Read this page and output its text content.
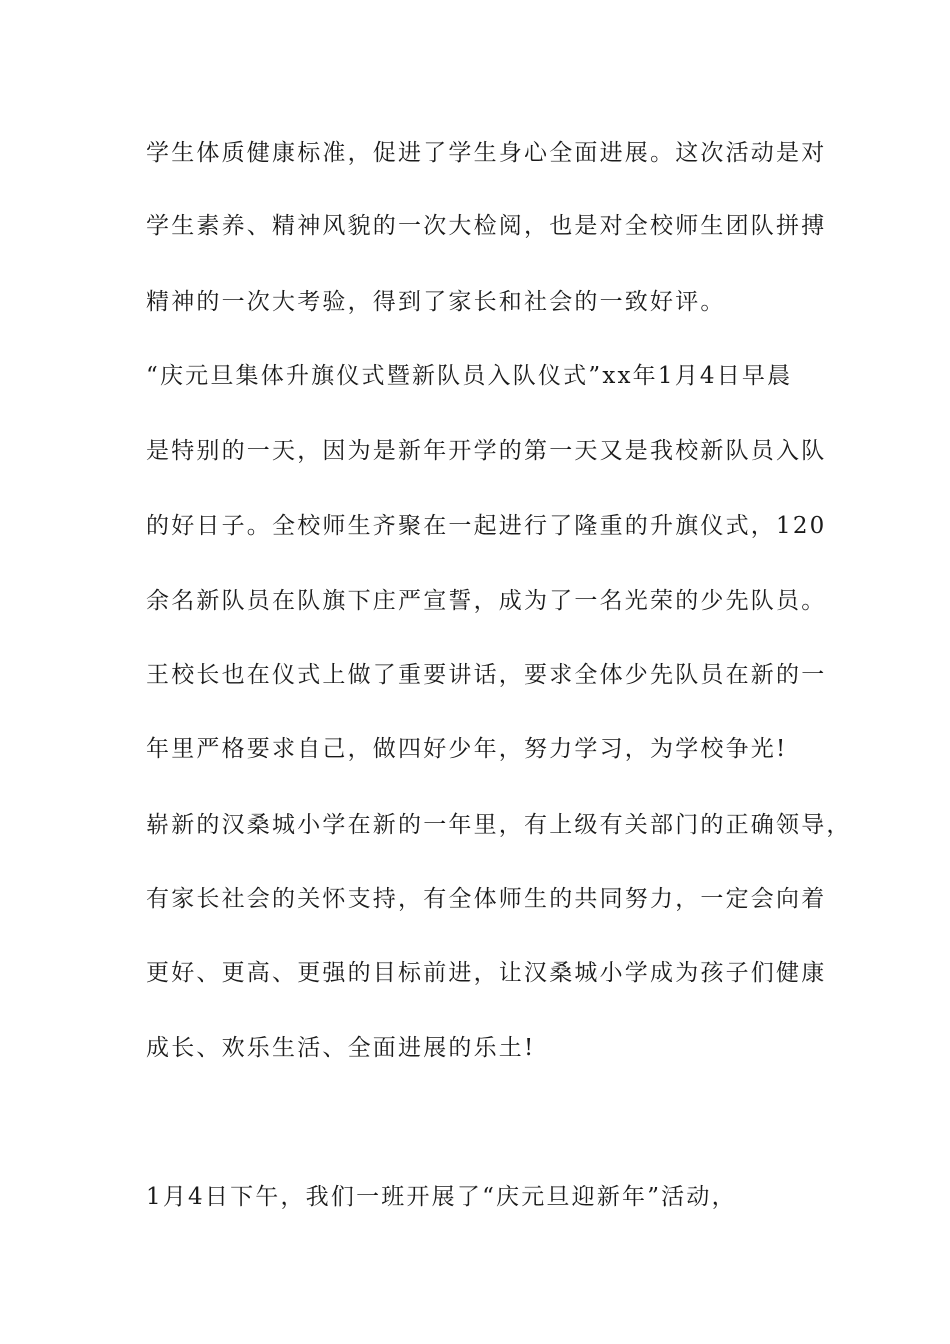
学生体质健康标准，促进了学生身心全面进展。这次活动是对
学生素养、精神风貌的一次大检阅，也是对全校师生团队拼搏
精神的一次大考验，得到了家长和社会的一致好评。
“庆元旦集体升旗仪式暨新队员入队仪式”xx年1月4日早晨
是特别的一天，因为是新年开学的第一天又是我校新队员入队
的好日子。全校师生齐聚在一起进行了隆重的升旗仪式，120
余名新队员在队旗下庄严宣誓，成为了一名光荣的少先队员。
王校长也在仪式上做了重要讲话，要求全体少先队员在新的一
年里严格要求自己，做四好少年，努力学习，为学校争光!
崭新的汉桑城小学在新的一年里，有上级有关部门的正确领导，
有家长社会的关怀支持，有全体师生的共同努力，一定会向着
更好、更高、更强的目标前进，让汉桑城小学成为孩子们健康
成长、欢乐生活、全面进展的乐土!
1月4日下午，我们一班开展了“庆元旦迎新年”活动，
